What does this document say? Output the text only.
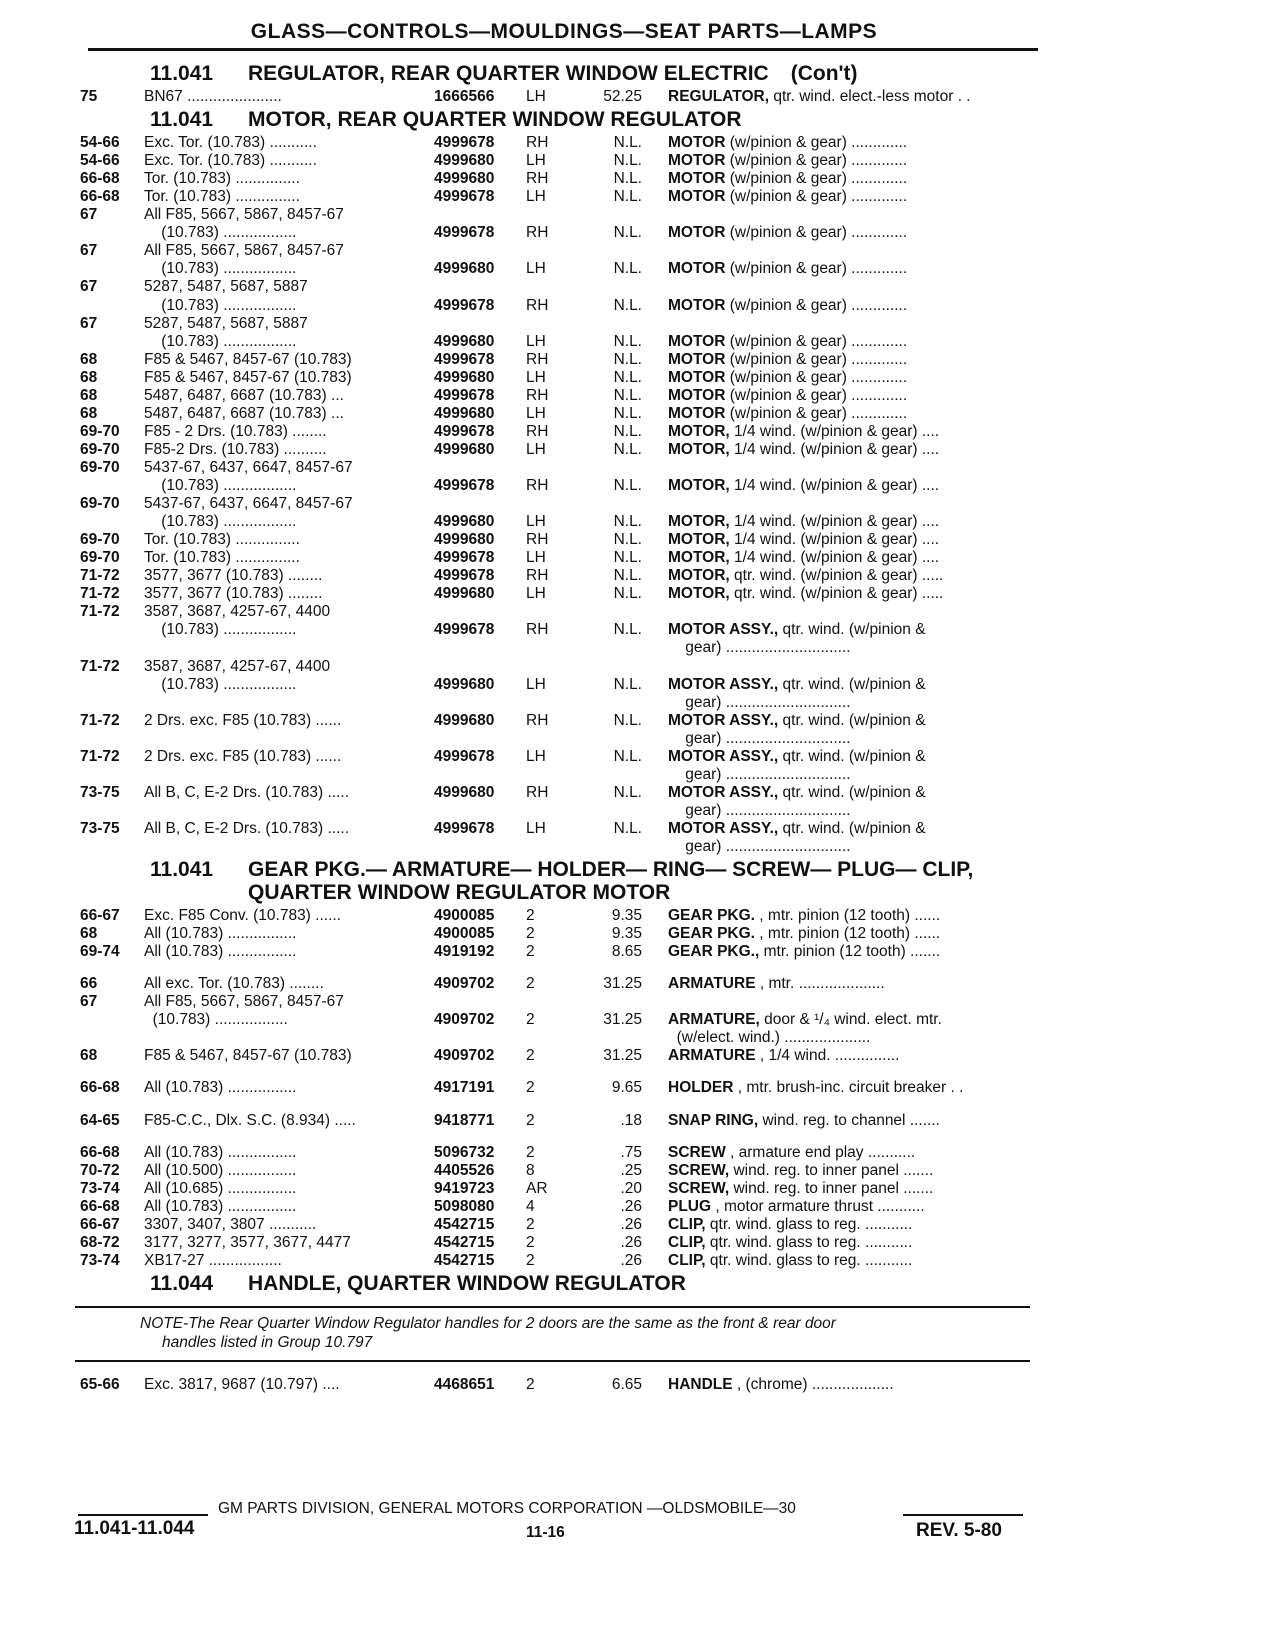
GLASS—CONTROLS—MOULDINGS—SEAT PARTS—LAMPS
11.041 REGULATOR, REAR QUARTER WINDOW ELECTRIC (Con't)
75	BN67 ......................	1666566	LH	52.25 REGULATOR, qtr. wind. elect.-less motor . .
11.041 MOTOR, REAR QUARTER WINDOW REGULATOR
54-66	Exc. Tor. (10.783) ...........	4999678	RH	N.L. MOTOR (w/pinion & gear) .............
54-66	Exc. Tor. (10.783) ...........	4999680	LH	N.L. MOTOR (w/pinion & gear) .............
66-68	Tor. (10.783) ...............	4999680	RH	N.L. MOTOR (w/pinion & gear) .............
66-68	Tor. (10.783) ...............	4999678	LH	N.L. MOTOR (w/pinion & gear) .............
67	All F85, 5667, 5867, 8457-67
(10.783) .................	4999678	RH	N.L. MOTOR (w/pinion & gear) .............
67	All F85, 5667, 5867, 8457-67
(10.783) .................	4999680	LH	N.L. MOTOR (w/pinion & gear) .............
67	5287, 5487, 5687, 5887
(10.783) .................	4999678	RH	N.L. MOTOR (w/pinion & gear) .............
67	5287, 5487, 5687, 5887
(10.783) .................	4999680	LH	N.L. MOTOR (w/pinion & gear) .............
68	F85 & 5467, 8457-67 (10.783)	4999678	RH	N.L. MOTOR (w/pinion & gear) .............
68	F85 & 5467, 8457-67 (10.783)	4999680	LH	N.L. MOTOR (w/pinion & gear) .............
68	5487, 6487, 6687 (10.783) ...	4999678	RH	N.L. MOTOR (w/pinion & gear) .............
68	5487, 6487, 6687 (10.783) ...	4999680	LH	N.L. MOTOR (w/pinion & gear) .............
69-70	F85 - 2 Drs. (10.783) ........	4999678	RH	N.L. MOTOR, 1/4 wind. (w/pinion & gear) ....
69-70	F85-2 Drs. (10.783) ..........	4999680	LH	N.L. MOTOR, 1/4 wind. (w/pinion & gear) ....
69-70	5437-67, 6437, 6647, 8457-67
(10.783) .................	4999678	RH	N.L. MOTOR, 1/4 wind. (w/pinion & gear) ....
69-70	5437-67, 6437, 6647, 8457-67
(10.783) .................	4999680	LH	N.L. MOTOR, 1/4 wind. (w/pinion & gear) ....
69-70	Tor. (10.783) ...............	4999680	RH	N.L. MOTOR, 1/4 wind. (w/pinion & gear) ....
69-70	Tor. (10.783) ...............	4999678	LH	N.L. MOTOR, 1/4 wind. (w/pinion & gear) ....
71-72	3577, 3677 (10.783) ........	4999678	RH	N.L. MOTOR, qtr. wind. (w/pinion & gear) .....
71-72	3577, 3677 (10.783) ........	4999680	LH	N.L. MOTOR, qtr. wind. (w/pinion & gear) .....
71-72	3587, 3687, 4257-67, 4400
(10.783) .................	4999678	RH	N.L. MOTOR ASSY., qtr. wind. (w/pinion &
gear) .............................
71-72	3587, 3687, 4257-67, 4400
(10.783) .................	4999680	LH	N.L. MOTOR ASSY., qtr. wind. (w/pinion &
gear) .............................
71-72	2 Drs. exc. F85 (10.783) ......	4999680	RH	N.L. MOTOR ASSY., qtr. wind. (w/pinion &
gear) .............................
71-72	2 Drs. exc. F85 (10.783) ......	4999678	LH	N.L. MOTOR ASSY., qtr. wind. (w/pinion &
gear) .............................
73-75	All B, C, E-2 Drs. (10.783) .....	4999680	RH	N.L. MOTOR ASSY., qtr. wind. (w/pinion &
gear) .............................
73-75	All B, C, E-2 Drs. (10.783) .....	4999678	LH	N.L. MOTOR ASSY., qtr. wind. (w/pinion &
gear) .............................
11.041 GEAR PKG.— ARMATURE— HOLDER— RING— SCREW— PLUG— CLIP,
QUARTER WINDOW REGULATOR MOTOR
66-67	Exc. F85 Conv. (10.783) ......	4900085	2	9.35 GEAR PKG. , mtr. pinion (12 tooth) ......
68	All (10.783) ................	4900085	2	9.35 GEAR PKG. , mtr. pinion (12 tooth) ......
69-74	All (10.783) ................	4919192	2	8.65 GEAR PKG., mtr. pinion (12 tooth) .......
66	All exc. Tor. (10.783) ........	4909702	2	31.25 ARMATURE , mtr. ....................
67	All F85, 5667, 5867, 8457-67
(10.783) .................	4909702	2	31.25 ARMATURE, door & ¹/₄ wind. elect. mtr.
(w/elect. wind.) ....................
68	F85 & 5467, 8457-67 (10.783)	4909702	2	31.25 ARMATURE , 1/4 wind. ...............
66-68	All (10.783) ................	4917191	2	9.65 HOLDER , mtr. brush-inc. circuit breaker . .
64-65	F85-C.C., Dlx. S.C. (8.934) .....	9418771	2	.18 SNAP RING, wind. reg. to channel .......
66-68	All (10.783) ................	5096732	2	.75 SCREW , armature end play ...........
70-72	All (10.500) ................	4405526	8	.25 SCREW, wind. reg. to inner panel .......
73-74	All (10.685) ................	9419723	AR	.20 SCREW, wind. reg. to inner panel .......
66-68	All (10.783) ................	5098080	4	.26 PLUG , motor armature thrust ...........
66-67	3307, 3407, 3807 ...........	4542715	2	.26 CLIP, qtr. wind. glass to reg. ...........
68-72	3177, 3277, 3577, 3677, 4477	4542715	2	.26 CLIP, qtr. wind. glass to reg. ...........
73-74	XB17-27 .................	4542715	2	.26 CLIP, qtr. wind. glass to reg. ...........
11.044 HANDLE, QUARTER WINDOW REGULATOR
NOTE-The Rear Quarter Window Regulator handles for 2 doors are the same as the front & rear door
handles listed in Group 10.797
65-66	Exc. 3817, 9687 (10.797) ....	4468651	2	6.65 HANDLE , (chrome) ...................
GM PARTS DIVISION, GENERAL MOTORS CORPORATION —OLDSMOBILE—30
11.041-11.044	11-16	REV. 5-80
